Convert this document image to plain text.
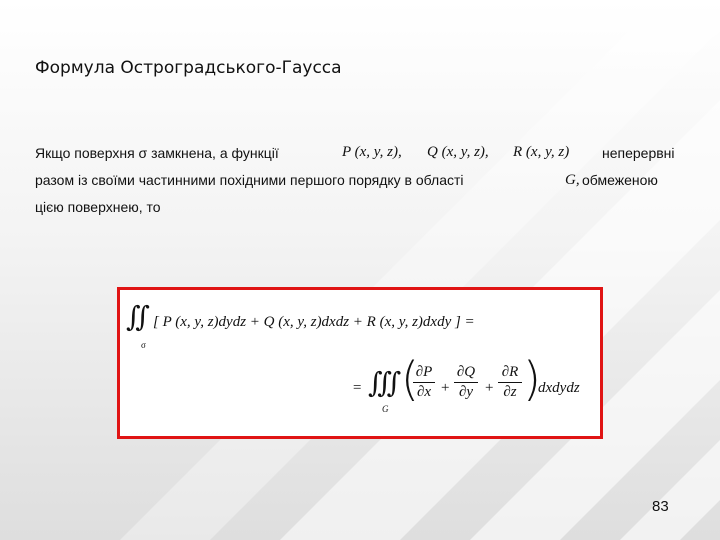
Формула Остроградського-Гаусса
Якщо поверхня σ замкнена, а функції	P (x, y, z), Q (x, y, z), R (x, y, z) неперервні
разом із своїми частинними похідними першого порядку в області	G, обмеженою
цією поверхнею, то
∬
σ
[ P (x, y, z)dydz + Q (x, y, z)dxdz + R (x, y, z)dxdy ] =
= ∭
G
(
∂P
∂x +
∂Q
∂y +
∂R
∂z )
dxdydz
83
